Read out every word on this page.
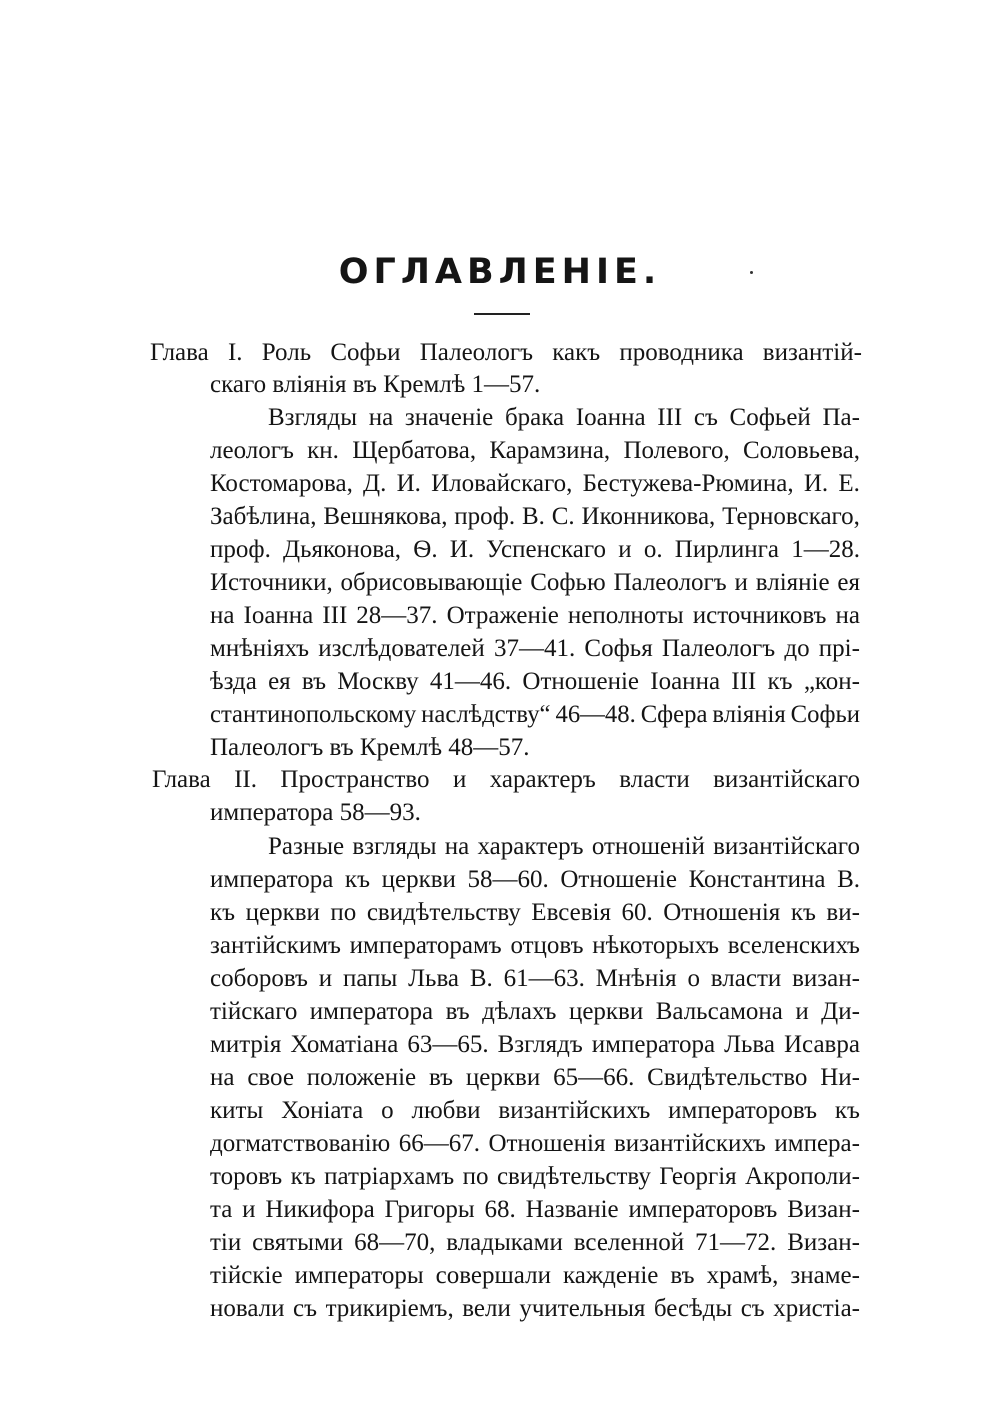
ОГЛАВЛЕНІЕ.
Глава I. Роль Софьи Палеологъ какъ проводника византій-
скаго вліянія въ Кремлѣ 1—57.
Взгляды на значеніе брака Іоанна III съ Софьей Па-
леологъ кн. Щербатова, Карамзина, Полевого, Соловьева,
Костомарова, Д. И. Иловайскаго, Бестужева-Рюмина, И. Е.
Забѣлина, Вешнякова, проф. В. С. Иконникова, Терновскаго,
проф. Дьяконова, Ѳ. И. Успенскаго и о. Пирлинга 1—28.
Источники, обрисовывающіе Софью Палеологъ и вліяніе ея
на Іоанна III 28—37. Отраженіе неполноты источниковъ на
мнѣніяхъ изслѣдователей 37—41. Софья Палеологъ до прі-
ѣзда ея въ Москву 41—46. Отношеніе Іоанна III къ „кон-
стантинопольскому наслѣдству“ 46—48. Сфера вліянія Софьи
Палеологъ въ Кремлѣ 48—57.
Глава II. Пространство и характеръ власти византійскаго
императора 58—93.
Разные взгляды на характеръ отношеній византійскаго
императора къ церкви 58—60. Отношеніе Константина В.
къ церкви по свидѣтельству Евсевія 60. Отношенія къ ви-
зантійскимъ императорамъ отцовъ нѣкоторыхъ вселенскихъ
соборовъ и папы Льва В. 61—63. Мнѣнія о власти визан-
тійскаго императора въ дѣлахъ церкви Вальсамона и Ди-
митрія Хоматіана 63—65. Взглядъ императора Льва Исавра
на свое положеніе въ церкви 65—66. Свидѣтельство Ни-
киты Хоніата о любви византійскихъ императоровъ къ
догматствованію 66—67. Отношенія византійскихъ импера-
торовъ къ патріархамъ по свидѣтельству Георгія Акрополи-
та и Никифора Григоры 68. Названіе императоровъ Визан-
тіи святыми 68—70, владыками вселенной 71—72. Визан-
тійскіе императоры совершали кажденіе въ храмѣ, знаме-
новали съ трикиріемъ, вели учительныя бесѣды съ христіа-
